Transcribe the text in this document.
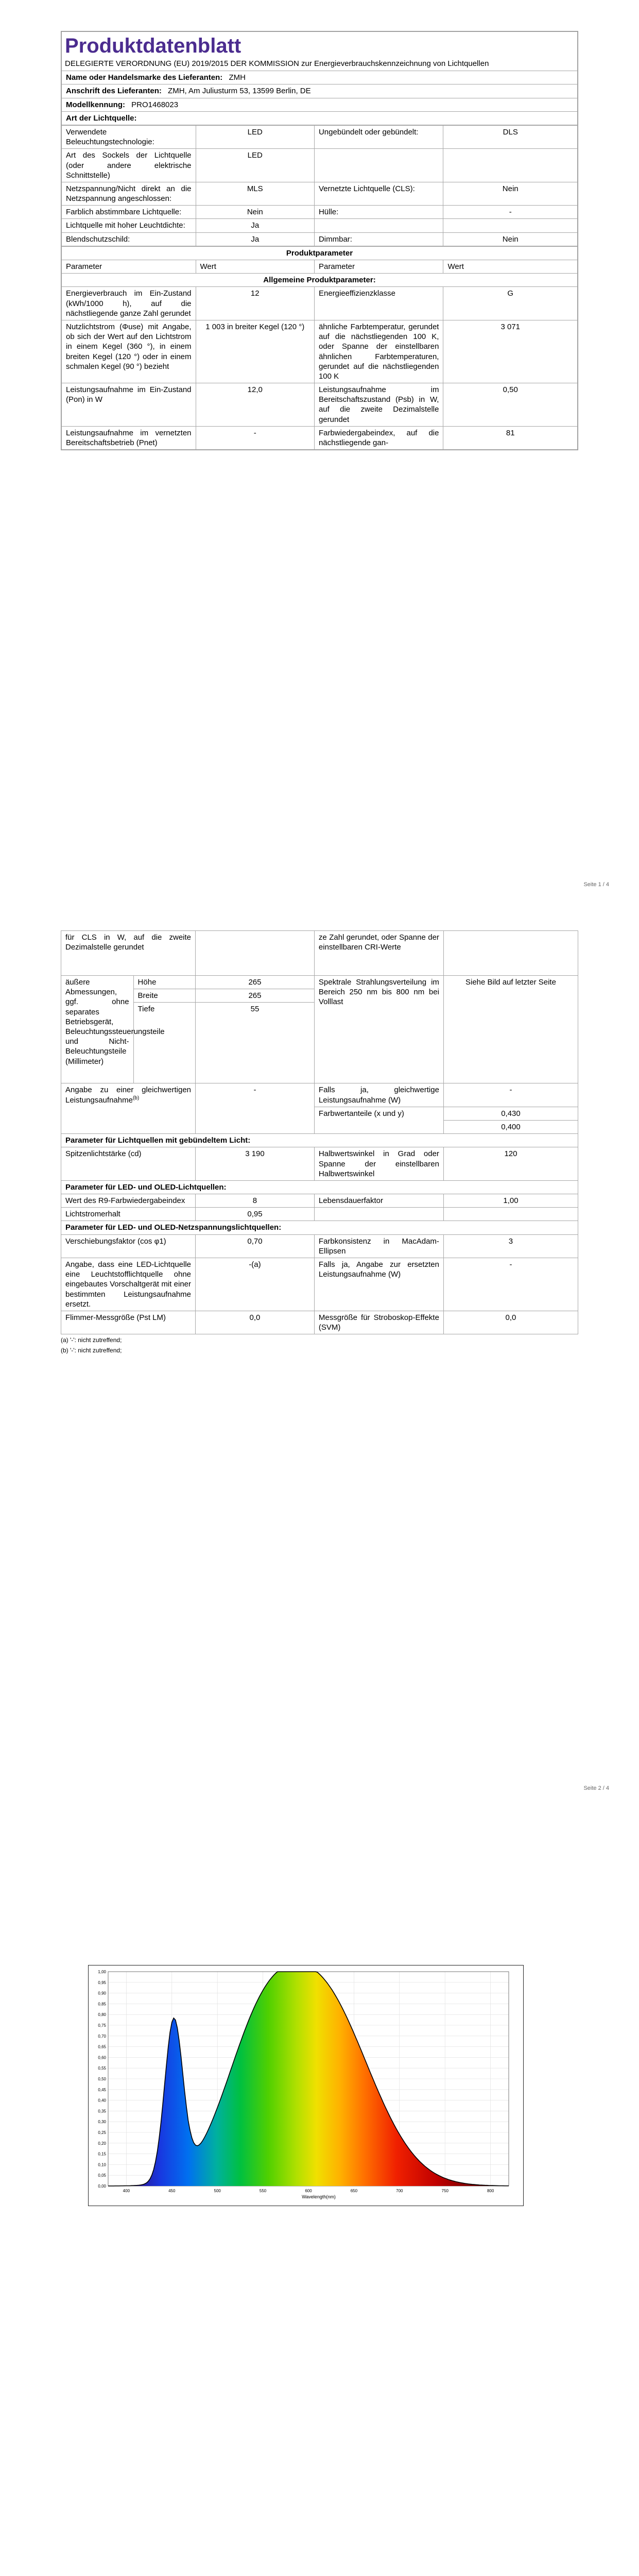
Produktdatenblatt
DELEGIERTE VERORDNUNG (EU) 2019/2015 DER KOMMISSION zur Energieverbrauchskennzeichnung von Lichtquellen

Name oder Handelsmarke des Lieferanten: ZMH
Anschrift des Lieferanten: ZMH, Am Juliusturm 53, 13599 Berlin, DE
Modellkennung: PRO1468023
Art der Lichtquelle:
Verwendete Beleuchtungstechnologie:	LED	Ungebündelt oder gebündelt:	DLS
Art des Sockels der Lichtquelle (oder andere elektrische Schnittstelle)	LED		
Netzspannung/Nicht direkt an die Netzspannung angeschlossen:	MLS	Vernetzte Lichtquelle (CLS):	Nein
Farblich abstimmbare Lichtquelle:	Nein	Hülle:	-
Lichtquelle mit hoher Leuchtdichte:	Ja		
Blendschutzschild:	Ja	Dimmbar:	Nein
Produktparameter			
Parameter	Wert	Parameter	Wert
Allgemeine Produktparameter:			
Energieverbrauch im Ein-Zustand (kWh/1000 h), auf die nächstliegende ganze Zahl gerundet	12	Energieeffizienzklasse	G
Nutzlichtstrom (Φuse) mit Angabe, ob sich der Wert auf den Lichtstrom in einem Kegel (360 °), in einem breiten Kegel (120 °) oder in einem schmalen Kegel (90 °) bezieht	1 003 in breiter Kegel (120 °)	ähnliche Farbtemperatur, gerundet auf die nächstliegenden 100 K, oder Spanne der einstellbaren ähnlichen Farbtemperaturen, gerundet auf die nächstliegenden 100 K	3 071
Leistungsaufnahme im Ein-Zustand (Pon) in W	12,0	Leistungsaufnahme im Bereitschaftszustand (Psb) in W, auf die zweite Dezimalstelle gerundet	0,50
Leistungsaufnahme im vernetzten Bereitschaftsbetrieb (Pnet)	-	Farbwiedergabeindex, auf die nächstliegende gan-	81
Seite 1 / 4
für CLS in W, auf die zweite Dezimalstelle gerundet			ze Zahl gerundet, oder Spanne der einstellbaren CRI-Werte	
äußere Abmessungen, ggf. ohne separates Betriebsgerät, Beleuchtungssteuerungsteile und Nicht-Beleuchtungsteile (Millimeter)	Höhe	265	Spektrale Strahlungsverteilung im Bereich 250 nm bis 800 nm bei Volllast	Siehe Bild auf letzter Seite
	Breite	265		
	Tiefe	55		
Angabe zu einer gleichwertigen Leistungsaufnahme$^{(b)}$		-	Falls ja, gleichwertige Leistungsaufnahme (W)	-
			Farbwertanteile (x und y)	0,430
				0,400
Parameter für Lichtquellen mit gebündeltem Licht:				
Spitzenlichtstärke (cd)		3 190	Halbwertswinkel in Grad oder Spanne der einstellbaren Halbwertswinkel	120
Parameter für LED- und OLED-Lichtquellen:				
Wert des R9-Farbwiedergabeindex		8	Lebensdauerfaktor	1,00
Lichtstromerhalt		0,95		
Parameter für LED- und OLED-Netzspannungslichtquellen:				
Verschiebungsfaktor (cos φ1)		0,70	Farbkonsistenz in MacAdam-Ellipsen	3
Angabe, dass eine LED-Lichtquelle eine Leuchtstofflichtquelle ohne eingebautes Vorschaltgerät mit einer bestimmten Leistungsaufnahme ersetzt.		-(a)	Falls ja, Angabe zur ersetzten Leistungsaufnahme (W)	-
Flimmer-Messgröße (Pst LM)		0,0	Messgröße für Stroboskop-Effekte (SVM)	0,0
(a) '-': nicht zutreffend;
(b) '-': nicht zutreffend;
Seite 2 / 4
1,00
0,95
0,90
0,85
0,80
0,75
0,70
0,65
0,60
0,55
0,50
0,45
0,40
0,35
0,30
0,25
0,20
0,15
0,10
0,05
0,00
400	450	500	550	600	650	700	750	800
Wavelength(nm)
